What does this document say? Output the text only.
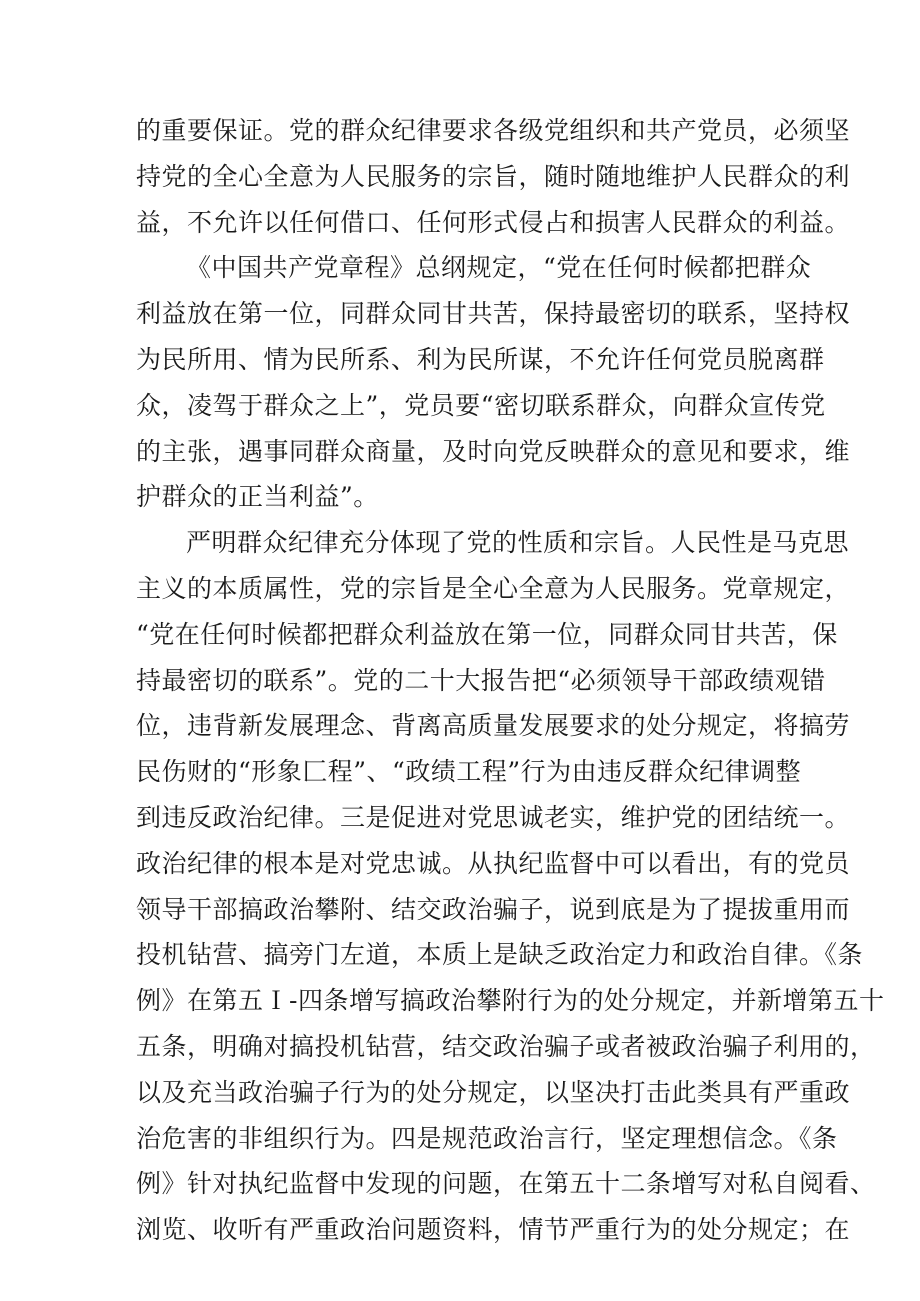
的重要保证。党的群众纪律要求各级党组织和共产党员，必须坚
持党的全心全意为人民服务的宗旨，随时随地维护人民群众的利
益，不允许以任何借口、任何形式侵占和损害人民群众的利益。
《中国共产党章程》总纲规定，“党在任何时候都把群众
利益放在第一位，同群众同甘共苦，保持最密切的联系，坚持权
为民所用、情为民所系、利为民所谋，不允许任何党员脱离群
众，凌驾于群众之上”，党员要“密切联系群众，向群众宣传党
的主张，遇事同群众商量，及时向党反映群众的意见和要求，维
护群众的正当利益”。
严明群众纪律充分体现了党的性质和宗旨。人民性是马克思
主义的本质属性，党的宗旨是全心全意为人民服务。党章规定，
“党在任何时候都把群众利益放在第一位，同群众同甘共苦，保
持最密切的联系”。党的二十大报告把“必须领导干部政绩观错
位，违背新发展理念、背离高质量发展要求的处分规定，将搞劳
民伤财的“形象匚程”、“政绩工程”行为由违反群众纪律调整
到违反政治纪律。三是促进对党思诚老实，维护党的团结统一。
政治纪律的根本是对党忠诚。从执纪监督中可以看出，有的党员
领导干部搞政治攀附、结交政治骗子，说到底是为了提拔重用而
投机钻营、搞旁门左道，本质上是缺乏政治定力和政治自律。《条
例》在第五Ｉ-四条增写搞政治攀附行为的处分规定，并新增第五十
五条，明确对搞投机钻营，结交政治骗子或者被政治骗子利用的，
以及充当政治骗子行为的处分规定，以坚决打击此类具有严重政
治危害的非组织行为。四是规范政治言行，坚定理想信念。《条
例》针对执纪监督中发现的问题，在第五十二条增写对私自阅看、
浏览、收听有严重政治问题资料，情节严重行为的处分规定；在
